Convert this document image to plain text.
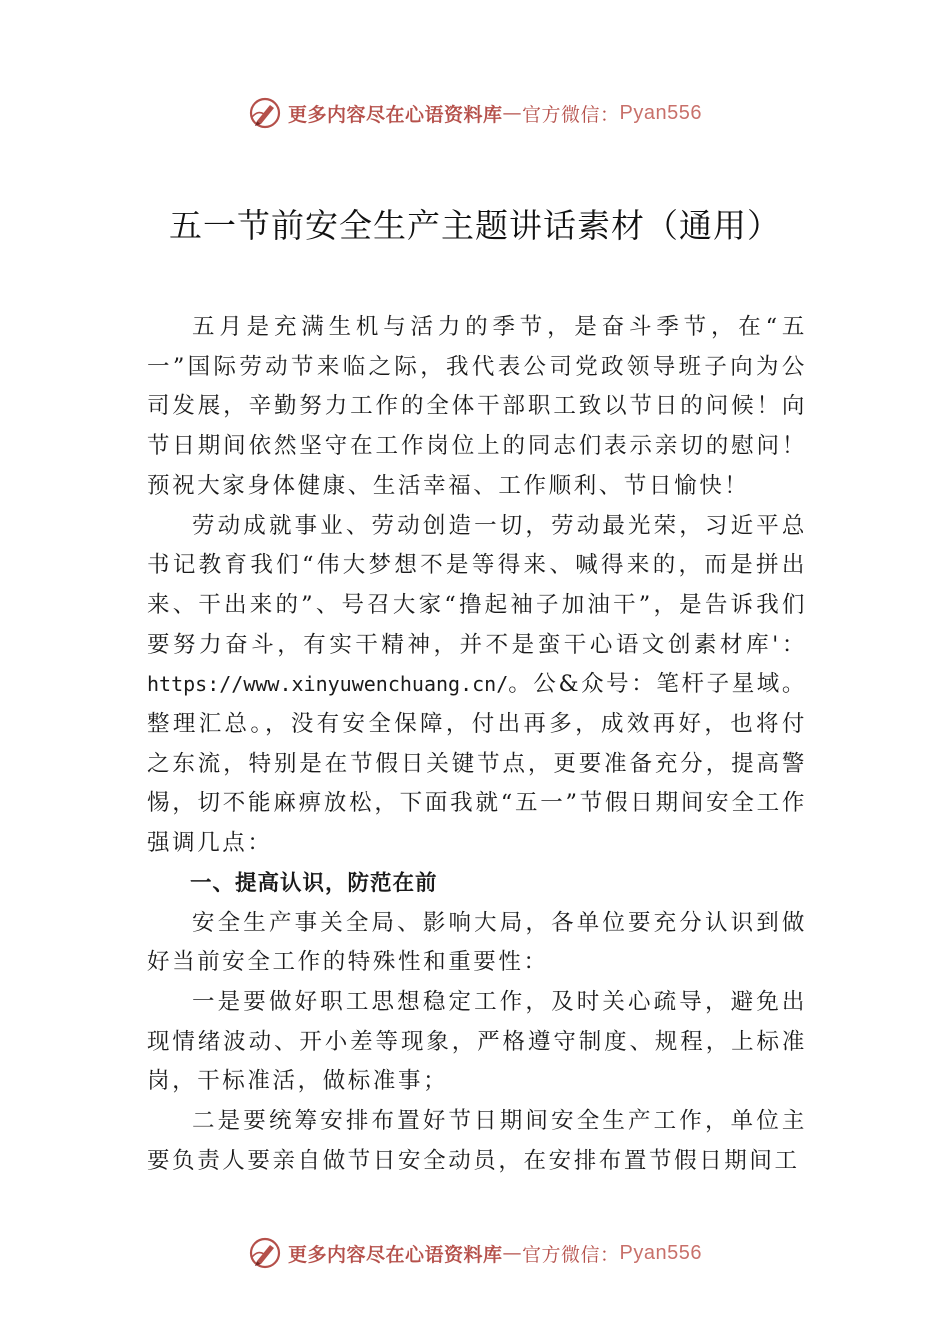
更多内容尽在心语资料库 — 官方微信： Pyan556
五一节前安全生产主题讲话素材（通用）

五月是充满生机与活力的季节，是奋斗季节，在“五一”国际劳动节来临之际，我代表公司党政领导班子向为公司发展，辛勤努力工作的全体干部职工致以节日的问候！向节日期间依然坚守在工作岗位上的同志们表示亲切的慰问！预祝大家身体健康、生活幸福、工作顺利、节日愉快！

劳动成就事业、劳动创造一切，劳动最光荣，习近平总书记教育我们“伟大梦想不是等得来、喊得来的，而是拼出来、干出来的”、号召大家“撸起袖子加油干”，是告诉我们要努力奋斗，有实干精神，并不是蛮干心语文创素材库'：https://www.xinyuwenchuang.cn/。公&众号：笔杆子星域。整理汇总。，没有安全保障，付出再多，成效再好，也将付之东流，特别是在节假日关键节点，更要准备充分，提高警惕，切不能麻痹放松，下面我就“五一”节假日期间安全工作强调几点：

一、提高认识，防范在前

安全生产事关全局、影响大局，各单位要充分认识到做好当前安全工作的特殊性和重要性：

一是要做好职工思想稳定工作，及时关心疏导，避免出现情绪波动、开小差等现象，严格遵守制度、规程，上标准岗，干标准活，做标准事；

二是要统筹安排布置好节日期间安全生产工作，单位主要负责人要亲自做节日安全动员，在安排布置节假日期间工

更多内容尽在心语资料库 — 官方微信： Pyan556
